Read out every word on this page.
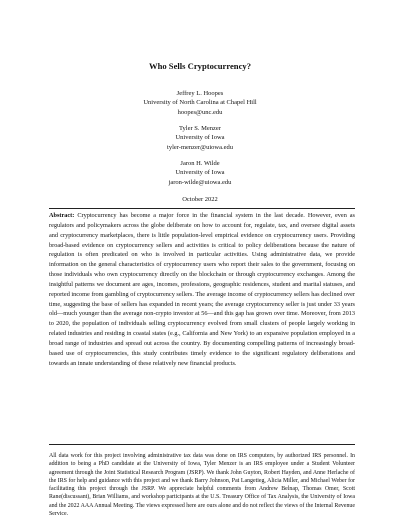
Who Sells Cryptocurrency?
Jeffrey L. Hoopes
University of North Carolina at Chapel Hill
hoopes@unc.edu
Tyler S. Menzer
University of Iowa
tyler-menzer@uiowa.edu
Jaron H. Wilde
University of Iowa
jaron-wilde@uiowa.edu
October 2022
Abstract: Cryptocurrency has become a major force in the financial system in the last decade. However, even as regulators and policymakers across the globe deliberate on how to account for, regulate, tax, and oversee digital assets and cryptocurrency marketplaces, there is little population-level empirical evidence on cryptocurrency users. Providing broad-based evidence on cryptocurrency sellers and activities is critical to policy deliberations because the nature of regulation is often predicated on who is involved in particular activities. Using administrative data, we provide information on the general characteristics of cryptocurrency users who report their sales to the government, focusing on those individuals who own cryptocurrency directly on the blockchain or through cryptocurrency exchanges. Among the insightful patterns we document are ages, incomes, professions, geographic residences, student and marital statuses, and reported income from gambling of cryptocurrency sellers. The average income of cryptocurrency sellers has declined over time, suggesting the base of sellers has expanded in recent years; the average cryptocurrency seller is just under 33 years old—much younger than the average non-crypto investor at 56—and this gap has grown over time. Moreover, from 2013 to 2020, the population of individuals selling cryptocurrency evolved from small clusters of people largely working in related industries and residing in coastal states (e.g., California and New York) to an expansive population employed in a broad range of industries and spread out across the country. By documenting compelling patterns of increasingly broad-based use of cryptocurrencies, this study contributes timely evidence to the significant regulatory deliberations and towards an innate understanding of these relatively new financial products.
All data work for this project involving administrative tax data was done on IRS computers, by authorized IRS personnel. In addition to being a PhD candidate at the University of Iowa, Tyler Menzer is an IRS employee under a Student Volunteer agreement through the Joint Statistical Research Program (JSRP). We thank John Guyton, Robert Hayden, and Anne Herlache of the IRS for help and guidance with this project and we thank Barry Johnson, Pat Langetieg, Alicia Miller, and Michael Weber for facilitating this project through the JSRP. We appreciate helpful comments from Andrew Belnap, Thomas Omer, Scott Rane(discussant), Brian Williams, and workshop participants at the U.S. Treasury Office of Tax Analysis, the University of Iowa and the 2022 AAA Annual Meeting. The views expressed here are ours alone and do not reflect the views of the Internal Revenue Service.
